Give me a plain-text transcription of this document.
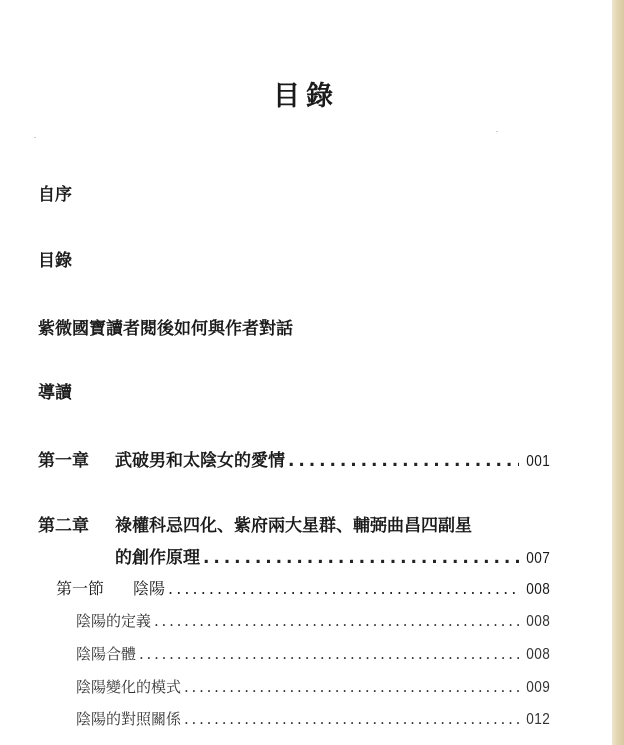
目錄
自序
目錄
紫微國寶讀者閱後如何與作者對話
導讀
第一章	武破男和太陰女的愛情 . . .	001
第二章	祿權科忌四化、紫府兩大星群、輔弼曲昌四副星
的創作原理 . . .	007
第一節	陰陽 . . .	008
陰陽的定義 . . .	008
陰陽合體 . . .	008
陰陽變化的模式 . . .	009
陰陽的對照關係 . . .	012
